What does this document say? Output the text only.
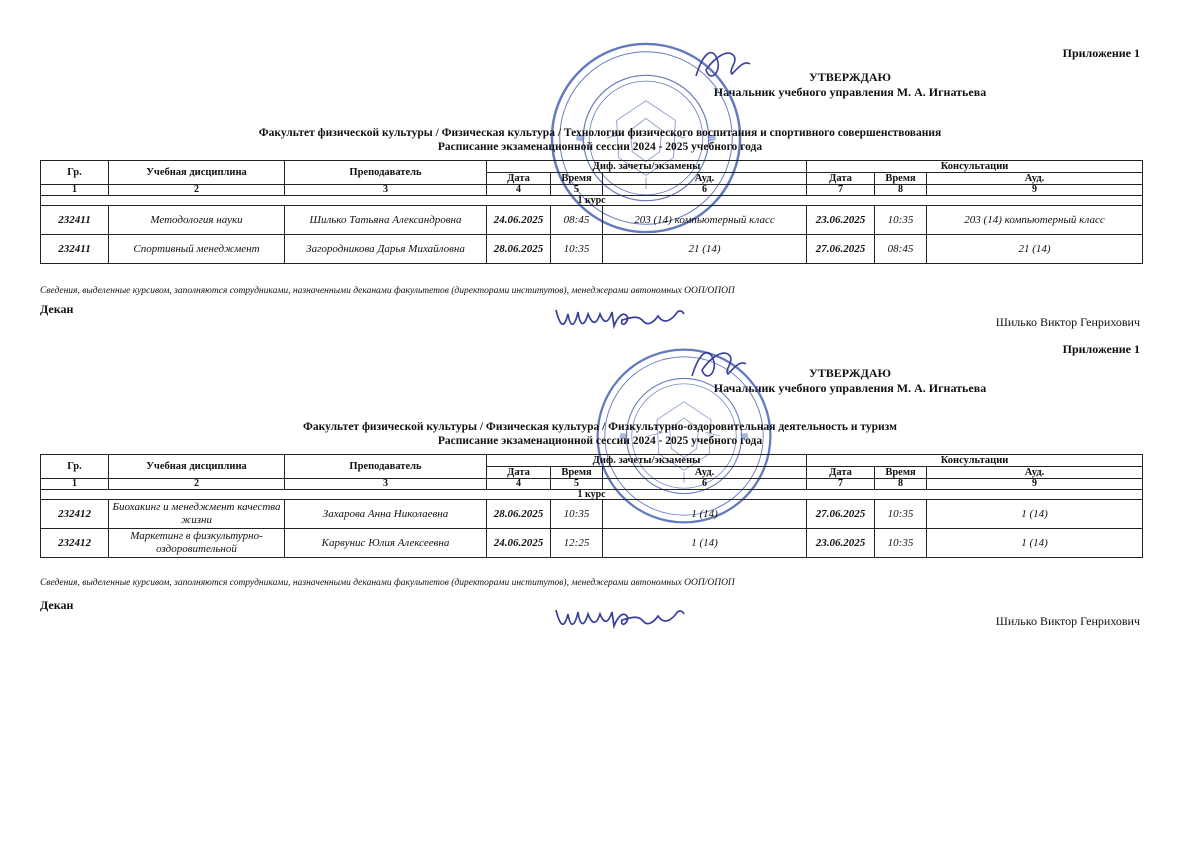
Приложение 1
УТВЕРЖДАЮ
Начальник учебного управления М. А. Игнатьева
Факультет физической культуры / Физическая культура / Технологии физического воспитания и спортивного совершенствования
Расписание экзаменационной сессии 2024 - 2025 учебного года
Гр.	Учебная дисциплина	Преподаватель	Диф. зачеты/экзамены			Консультации		
			Дата	Время	Ауд.	Дата	Время	Ауд.
1	2	3	4	5	6	7	8	9
1 курс								
232411	Методология науки	Шилько Татьяна Александровна	24.06.2025	08:45	203 (14) компьютерный класс	23.06.2025	10:35	203 (14) компьютерный класс
232411	Спортивный менеджмент	Загородникова Дарья Михайловна	28.06.2025	10:35	21 (14)	27.06.2025	08:45	21 (14)
Сведения, выделенные курсивом, заполняются сотрудниками, назначенными деканами факультетов (директорами институтов), менеджерами автономных ООП/ОПОП
Декан
Шилько Виктор Генрихович
Приложение 1
УТВЕРЖДАЮ
Начальник учебного управления М. А. Игнатьева
Факультет физической культуры / Физическая культура / Физкультурно-оздоровительная деятельность и туризм
Расписание экзаменационной сессии 2024 - 2025 учебного года
Гр.	Учебная дисциплина	Преподаватель	Диф. зачеты/экзамены			Консультации		
			Дата	Время	Ауд.	Дата	Время	Ауд.
1	2	3	4	5	6	7	8	9
1 курс								
232412	Биохакинг и менеджмент качества жизни	Захарова Анна Николаевна	28.06.2025	10:35	1 (14)	27.06.2025	10:35	1 (14)
232412	Маркетинг в физкультурно-оздоровительной	Карвунис Юлия Алексеевна	24.06.2025	12:25	1 (14)	23.06.2025	10:35	1 (14)
Сведения, выделенные курсивом, заполняются сотрудниками, назначенными деканами факультетов (директорами институтов), менеджерами автономных ООП/ОПОП
Декан
Шилько Виктор Генрихович
